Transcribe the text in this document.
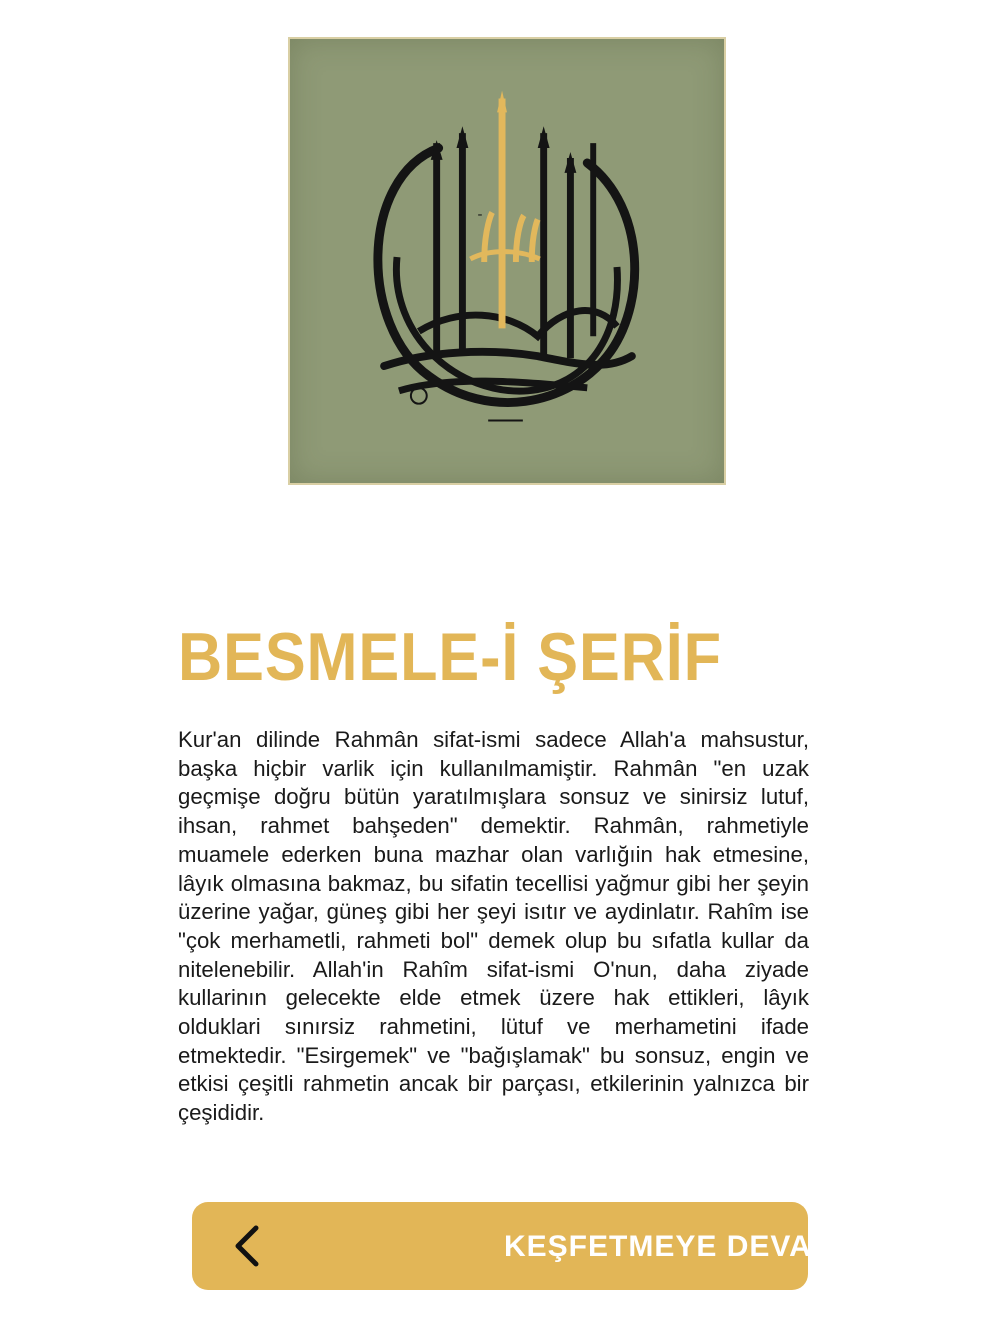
ـ
BESMELE-İ ŞERİF

Kur'an dilinde Rahmân sifat-ismi sadece Allah'a mahsustur, başka hiçbir varlik için kullanılmamiştir. Rahmân "en uzak geçmişe doğru bütün yaratılmışlara sonsuz ve sinirsiz lutuf, ihsan, rahmet bahşeden" demektir. Rahmân, rahmetiyle muamele ederken buna mazhar olan varlığıin hak etmesine, lâyık olmasına bakmaz, bu sifatin tecellisi yağmur gibi her şeyin üzerine yağar, güneş gibi her şeyi isıtır ve aydinlatır. Rahîm ise "çok merhametli, rahmeti bol" demek olup bu sıfatla kullar da nitelenebilir. Allah'in Rahîm sifat-ismi O'nun, daha ziyade kullarinın gelecekte elde etmek üzere hak ettikleri, lâyık olduklari sınırsiz rahmetini, lütuf ve merhametini ifade etmektedir. "Esirgemek" ve "bağışlamak" bu sonsuz, engin ve etkisi çeşitli rahmetin ancak bir parçası, etkilerinin yalnızca bir çeşididir.

KEŞFETMEYE DEVAM ET
